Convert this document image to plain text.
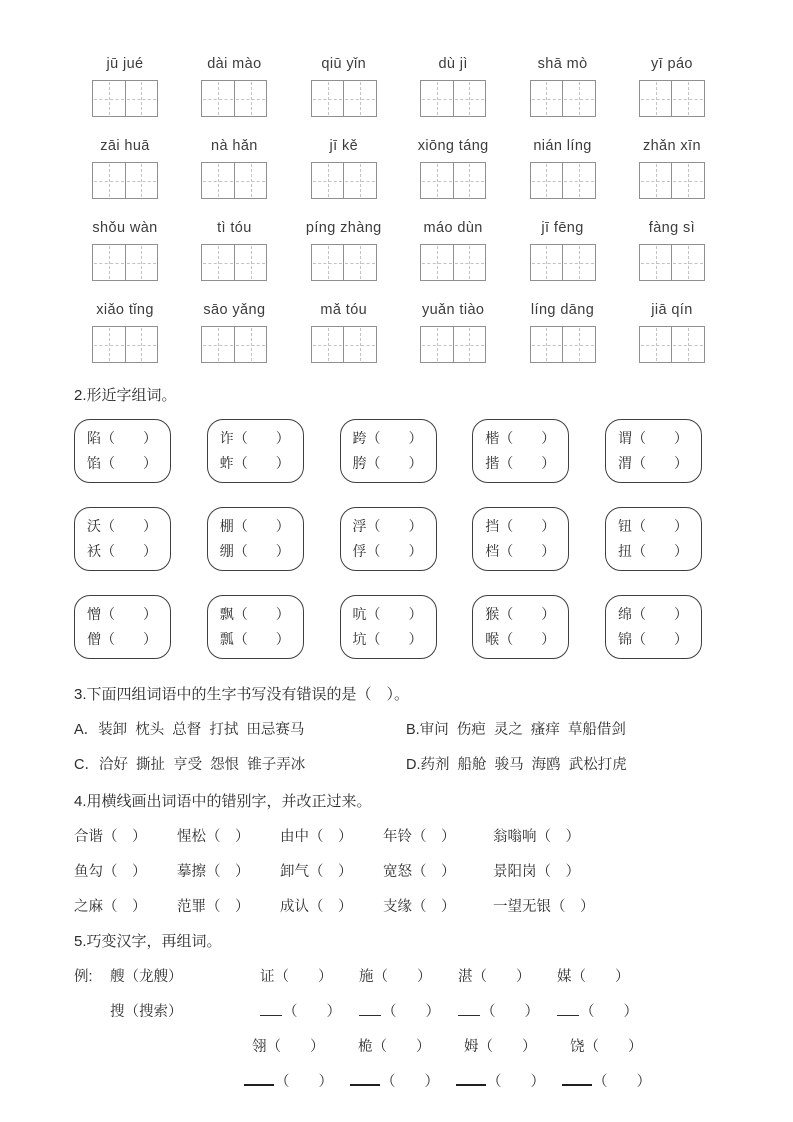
jū jué	dài mào	qiū yǐn	dù jì	shā mò	yī páo
zāi huā	nà hǎn	jī kě	xiōng táng	nián líng	zhǎn xīn
shǒu wàn	tì tóu	píng zhàng	máo dùn	jī fēng	fàng sì
xiǎo tǐng	sāo yǎng	mǎ tóu	yuǎn tiào	líng dāng	jiā qín
2.形近字组词。
陷（　　）
馅（　　）
诈（　　）
蚱（　　）
跨（　　）
胯（　　）
楷（　　）
揩（　　）
谓（　　）
渭（　　）
沃（　　）
袄（　　）
棚（　　）
绷（　　）
浮（　　）
俘（　　）
挡（　　）
档（　　）
钮（　　）
扭（　　）
憎（　　）
僧（　　）
飘（　　）
瓢（　　）
吭（　　）
坑（　　）
猴（　　）
喉（　　）
绵（　　）
锦（　　）
3.下面四组词语中的生字书写没有错误的是（　）。
A．装卸  枕头  总督  打拭  田忌赛马	B.审问  伤疤  灵之  瘙痒  草船借剑
C．洽好  撕扯  亨受  怨恨  锥子弄冰	D.药剂  船舱  骏马  海鸥  武松打虎
4.用横线画出词语中的错别字，并改正过来。
合谐（　）	惺松（　）	由中（　）	年铃（　）	翁嗡响（　）
鱼勾（　）	摹擦（　）	卸气（　）	宽怒（　）	景阳岗（　）
之麻（　）	范罪（　）	成认（　）	支缘（　）	一望无银（　）
5.巧变汉字，再组词。
例:	艘（龙艘）	证（　　）	施（　　）	湛（　　）	媒（　　）
搜（搜索）	（　　）	（　　）	（　　）	（　　）
翎（　　）	桅（　　）	姆（　　）	饶（　　）
（　　）	（　　）	（　　）	（　　）
